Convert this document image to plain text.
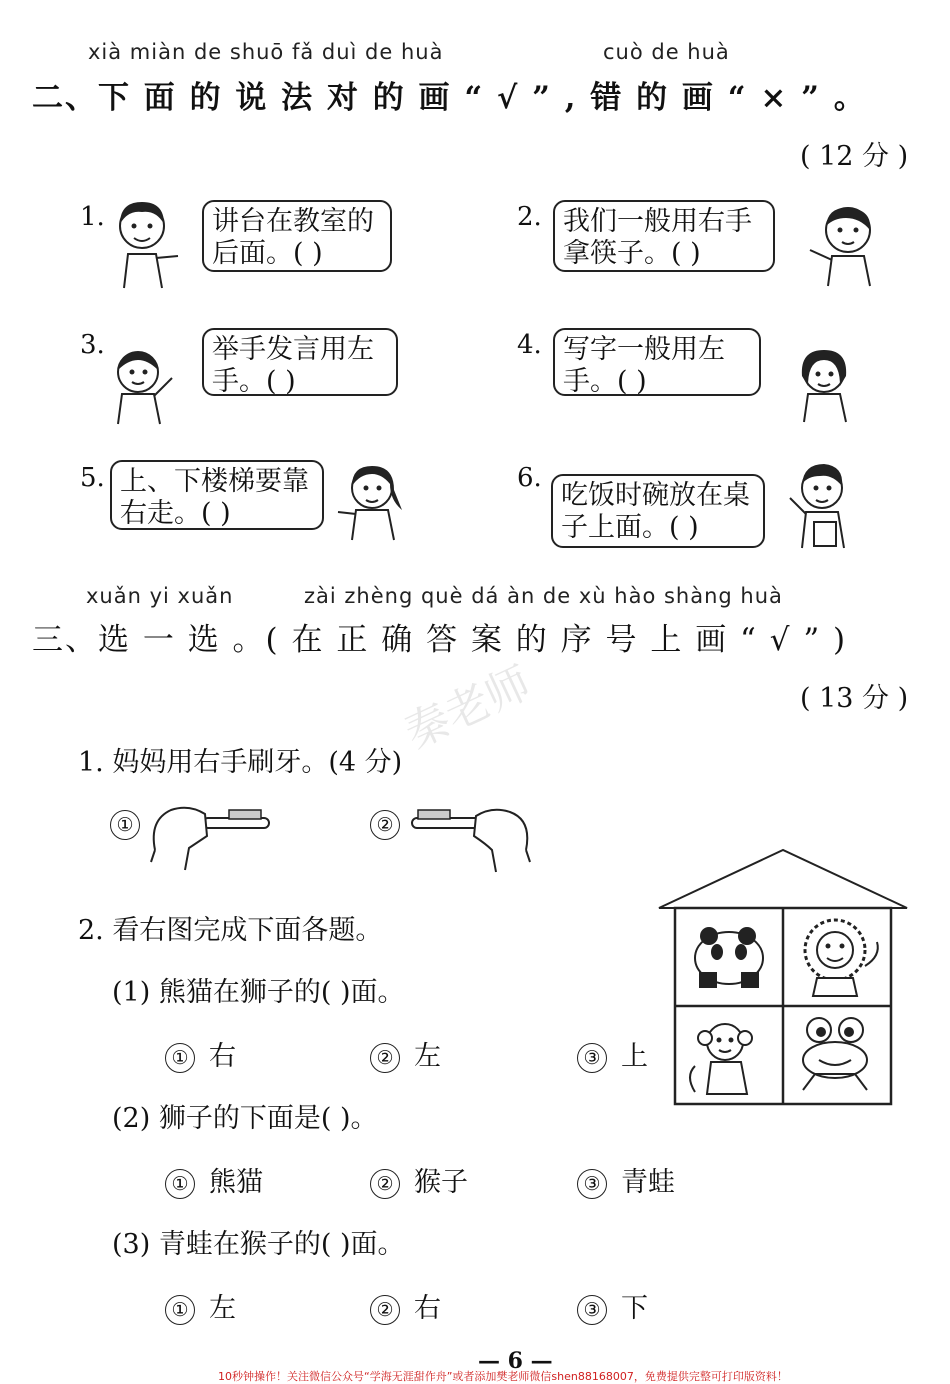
xià miàn de shuō fǎ duì de huà	cuò de huà
二、下 面 的 说 法 对 的 画 “ √ ” , 错 的 画 “ × ” 。
( 12 分 )
1.	讲台在教室的
后面。( )
2. 我们一般用右手
拿筷子。( )
3.	举手发言用左
手。( )
4. 写字一般用左
手。( )
5. 上、下楼梯要靠
右走。( )
6.
吃饭时碗放在桌
子上面。( )
xuǎn yi xuǎn	zài zhèng què dá àn de xù hào shàng huà
三、选 一 选 。( 在 正 确 答 案 的 序 号 上 画 “ √ ” )
秦老师	( 13 分 )
1. 妈妈用右手刷牙。(4 分)
①	②
2. 看右图完成下面各题。
(1) 熊猫在狮子的( )面。
① 右	② 左	③ 上
(2) 狮子的下面是( )。
① 熊猫	② 猴子	③ 青蛙
(3) 青蛙在猴子的( )面。
① 左	② 右	③ 下
— 6 —
10秒钟操作！关注微信公众号“学海无涯甜作舟”或者添加樊老师微信shen88168007，免费提供完整可打印版资料！
